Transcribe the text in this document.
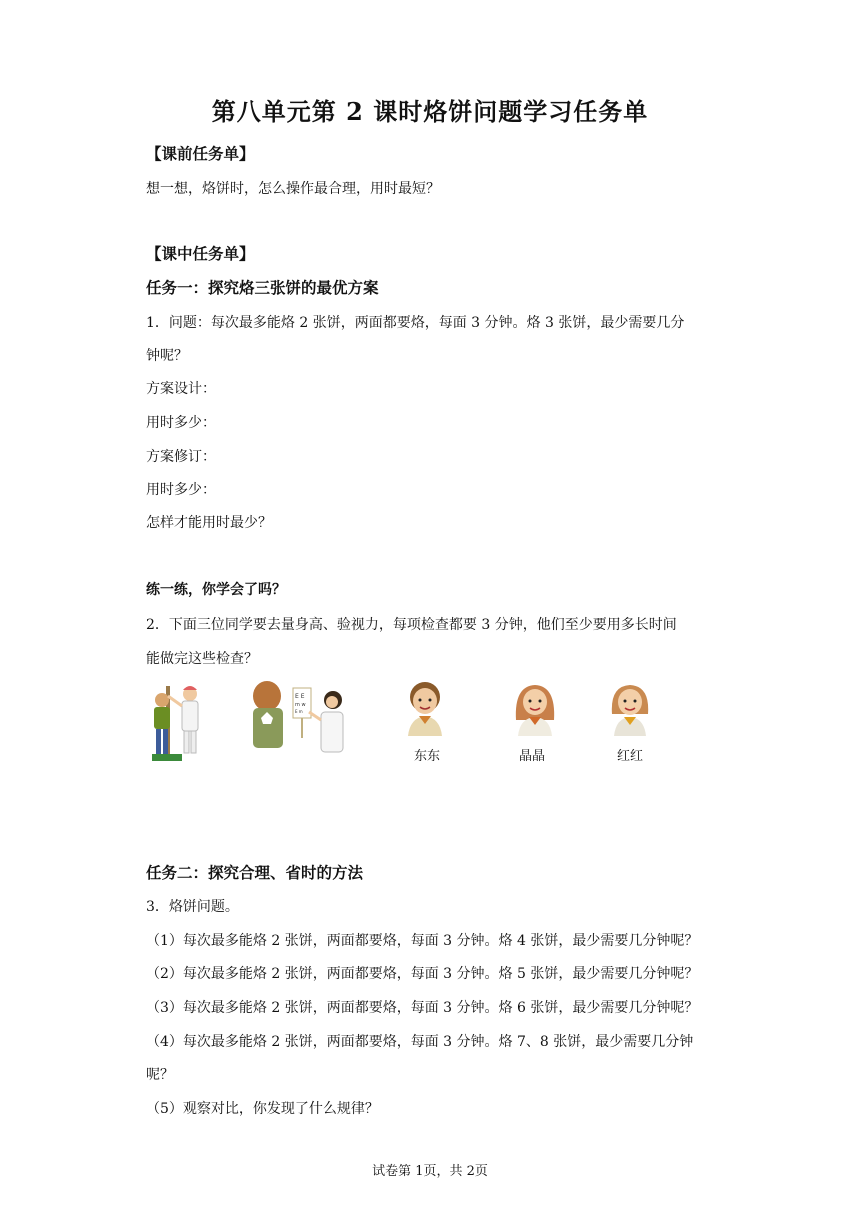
第八单元第 2 课时烙饼问题学习任务单
【课前任务单】
想一想，烙饼时，怎么操作最合理，用时最短？
【课中任务单】
任务一：探究烙三张饼的最优方案
1．问题：每次最多能烙 2 张饼，两面都要烙，每面 3 分钟。烙 3 张饼，最少需要几分
钟呢？
方案设计：
用时多少：
方案修订：
用时多少：
怎样才能用时最少？
练一练，你学会了吗？
2．下面三位同学要去量身高、验视力，每项检查都要 3 分钟，他们至少要用多长时间
能做完这些检查？
E E
m w
E m
东东	晶晶	红红
任务二：探究合理、省时的方法
3．烙饼问题。
（1）每次最多能烙 2 张饼，两面都要烙，每面 3 分钟。烙 4 张饼，最少需要几分钟呢？
（2）每次最多能烙 2 张饼，两面都要烙，每面 3 分钟。烙 5 张饼，最少需要几分钟呢？
（3）每次最多能烙 2 张饼，两面都要烙，每面 3 分钟。烙 6 张饼，最少需要几分钟呢？
（4）每次最多能烙 2 张饼，两面都要烙，每面 3 分钟。烙 7、8 张饼，最少需要几分钟
呢？
（5）观察对比，你发现了什么规律？
试卷第 1页，共 2页
